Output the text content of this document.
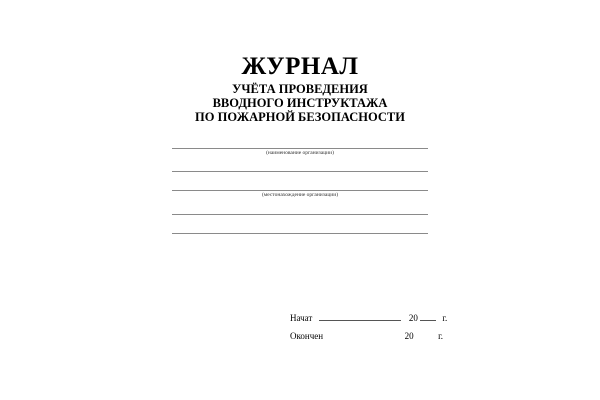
ЖУРНАЛ
УЧЁТА ПРОВЕДЕНИЯ
ВВОДНОГО ИНСТРУКТАЖА
ПО ПОЖАРНОЙ БЕЗОПАСНОСТИ
(наименование организации)
(местонахождение организации)
Начат	20	г.
Окончен	20	г.
